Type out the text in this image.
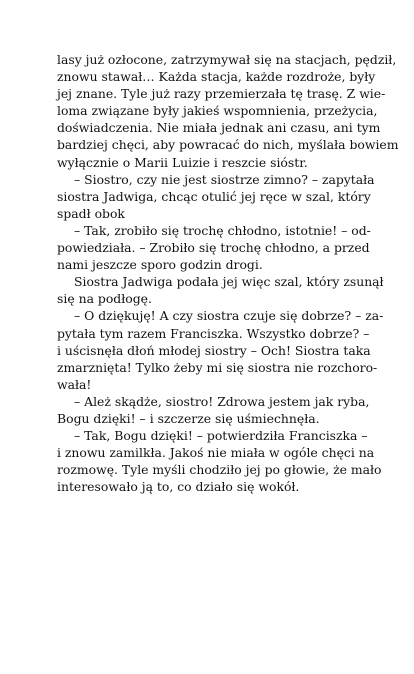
lasy już ozłocone, zatrzymywał się na stacjach, pędził,
znowu stawał… Każda stacja, każde rozdroże, były
jej znane. Tyle już razy przemierzała tę trasę. Z wie-
loma związane były jakieś wspomnienia, przeżycia,
doświadczenia. Nie miała jednak ani czasu, ani tym
bardziej chęci, aby powracać do nich, myślała bowiem
wyłącznie o Marii Luizie i reszcie sióstr.
– Siostro, czy nie jest siostrze zimno? – zapytała
siostra Jadwiga, chcąc otulić jej ręce w szal, który
spadł obok
– Tak, zrobiło się trochę chłodno, istotnie! – od-
powiedziała. – Zrobiło się trochę chłodno, a przed
nami jeszcze sporo godzin drogi.
Siostra Jadwiga podała jej więc szal, który zsunął
się na podłogę.
– O dziękuję! A czy siostra czuje się dobrze? – za-
pytała tym razem Franciszka. Wszystko dobrze? –
i uścisnęła dłoń młodej siostry – Och! Siostra taka
zmarznięta! Tylko żeby mi się siostra nie rozchoro-
wała!
– Ależ skądże, siostro! Zdrowa jestem jak ryba,
Bogu dzięki! – i szczerze się uśmiechnęła.
– Tak, Bogu dzięki! – potwierdziła Franciszka –
i znowu zamilkła. Jakoś nie miała w ogóle chęci na
rozmowę. Tyle myśli chodziło jej po głowie, że mało
interesowało ją to, co działo się wokół.
